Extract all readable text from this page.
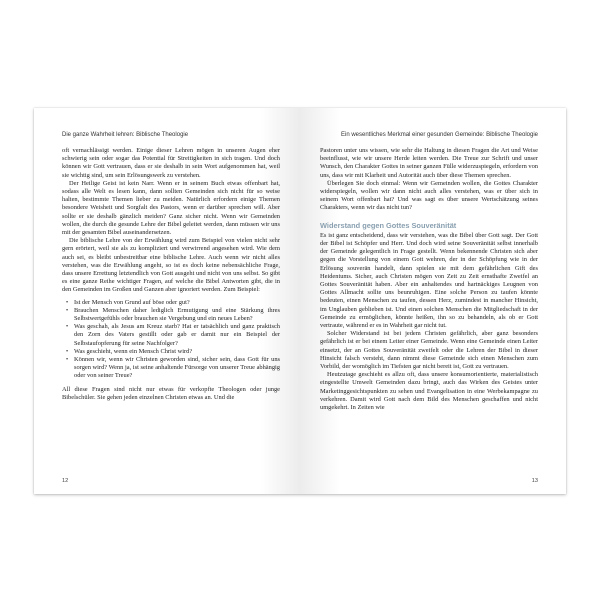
Die ganze Wahrheit lehren: Biblische Theologie

oft vernachlässigt werden. Einige dieser Lehren mögen in unseren Augen eher schwierig sein oder sogar das Potential für Streitigkeiten in sich tragen. Und doch können wir Gott vertrauen, dass er sie deshalb in sein Wort aufgenommen hat, weil sie wichtig sind, um sein Erlösungswerk zu verstehen.

Der Heilige Geist ist kein Narr. Wenn er in seinem Buch etwas offenbart hat, sodass alle Welt es lesen kann, dann sollten Gemeinden sich nicht für so weise halten, bestimmte Themen lieber zu meiden. Natürlich erfordern einige Themen besondere Weisheit und Sorgfalt des Pastors, wenn er darüber sprechen will. Aber sollte er sie deshalb gänzlich meiden? Ganz sicher nicht. Wenn wir Gemeinden wollen, die durch die gesunde Lehre der Bibel geleitet werden, dann müssen wir uns mit der gesamten Bibel auseinandersetzen.

Die biblische Lehre von der Erwählung wird zum Beispiel von vielen nicht sehr gern erörtert, weil sie als zu kompliziert und verwirrend angesehen wird. Wie dem auch sei, es bleibt unbestreitbar eine biblische Lehre. Auch wenn wir nicht alles verstehen, was die Erwählung angeht, so ist es doch keine nebensächliche Frage, dass unsere Errettung letztendlich von Gott ausgeht und nicht von uns selbst. So gibt es eine ganze Reihe wichtiger Fragen, auf welche die Bibel Antworten gibt, die in den Gemeinden im Großen und Ganzen aber ignoriert werden. Zum Beispiel:

• Ist der Mensch von Grund auf böse oder gut?
• Brauchen Menschen daher lediglich Ermutigung und eine Stärkung ihres Selbstwertgefühls oder brauchen sie Vergebung und ein neues Leben?
• Was geschah, als Jesus am Kreuz starb? Hat er tatsächlich und ganz praktisch den Zorn des Vaters gestillt oder gab er damit nur ein Beispiel der Selbstaufopferung für seine Nachfolger?
• Was geschieht, wenn ein Mensch Christ wird?
• Können wir, wenn wir Christen geworden sind, sicher sein, dass Gott für uns sorgen wird? Wenn ja, ist seine anhaltende Fürsorge von unserer Treue abhängig oder von seiner Treue?

All diese Fragen sind nicht nur etwas für verkopfte Theologen oder junge Bibelschüler. Sie gehen jeden einzelnen Christen etwas an. Und die

12
Ein wesentliches Merkmal einer gesunden Gemeinde: Biblische Theologie

Pastoren unter uns wissen, wie sehr die Haltung in diesen Fragen die Art und Weise beeinflusst, wie wir unsere Herde leiten werden. Die Treue zur Schrift und unser Wunsch, den Charakter Gottes in seiner ganzen Fülle widerzuspiegeln, erfordern von uns, dass wir mit Klarheit und Autorität auch über diese Themen sprechen.

Überlegen Sie doch einmal: Wenn wir Gemeinden wollen, die Gottes Charakter widerspiegeln, wollen wir dann nicht auch alles verstehen, was er über sich in seinem Wort offenbart hat? Und was sagt es über unsere Wertschätzung seines Charakters, wenn wir das nicht tun?

Widerstand gegen Gottes Souveränität

Es ist ganz entscheidend, dass wir verstehen, was die Bibel über Gott sagt. Der Gott der Bibel ist Schöpfer und Herr. Und doch wird seine Souveränität selbst innerhalb der Gemeinde gelegentlich in Frage gestellt. Wenn bekennende Christen sich aber gegen die Vorstellung von einem Gott wehren, der in der Schöpfung wie in der Erlösung souverän handelt, dann spielen sie mit dem gefährlichen Gift des Heidentums. Sicher, auch Christen mögen von Zeit zu Zeit ernsthafte Zweifel an Gottes Souveränität haben. Aber ein anhaltendes und hartnäckiges Leugnen von Gottes Allmacht sollte uns beunruhigen. Eine solche Person zu taufen könnte bedeuten, einen Menschen zu taufen, dessen Herz, zumindest in mancher Hinsicht, im Unglauben geblieben ist. Und einen solchen Menschen die Mitgliedschaft in der Gemeinde zu ermöglichen, könnte heißen, ihn so zu behandeln, als ob er Gott vertraute, während er es in Wahrheit gar nicht tut.

Solcher Widerstand ist bei jedem Christen gefährlich, aber ganz besonders gefährlich ist er bei einem Leiter einer Gemeinde. Wenn eine Gemeinde einen Leiter einsetzt, der an Gottes Souveränität zweifelt oder die Lehren der Bibel in dieser Hinsicht falsch versteht, dann nimmt diese Gemeinde sich einen Menschen zum Vorbild, der womöglich im Tiefsten gar nicht bereit ist, Gott zu vertrauen.

Heutzutage geschieht es allzu oft, dass unsere konsumorientierte, materialistisch eingestellte Umwelt Gemeinden dazu bringt, auch das Wirken des Geistes unter Marketinggesichtspunkten zu sehen und Evangelisation in eine Werbekampagne zu verkehren. Damit wird Gott nach dem Bild des Menschen geschaffen und nicht umgekehrt. In Zeiten wie

13
